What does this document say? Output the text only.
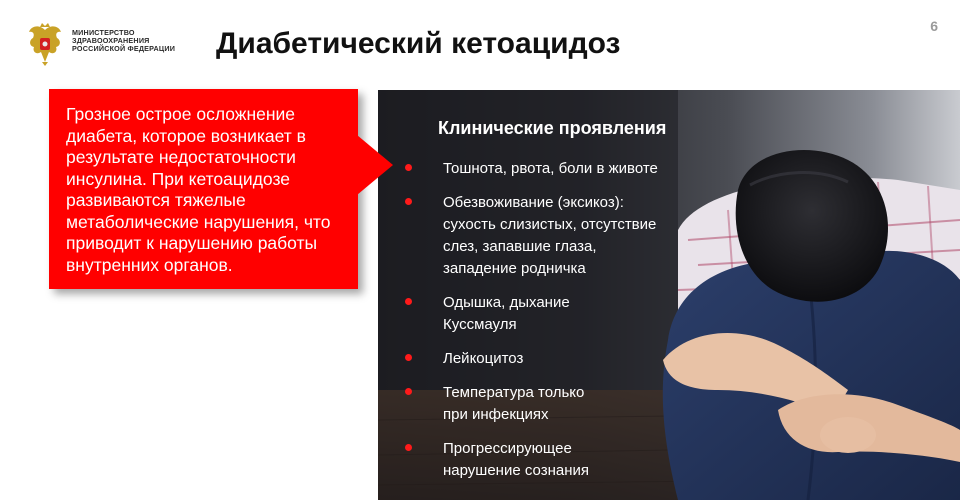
МИНИСТЕРСТВО
ЗДРАВООХРАНЕНИЯ
РОССИЙСКОЙ ФЕДЕРАЦИИ	Диабетический кетоацидоз
6
Грозное острое осложнение диабета, которое возникает в результате недостаточности инсулина. При кетоацидозе развиваются тяжелые метаболические нарушения, что приводит к нарушению работы внутренних органов.
Клинические проявления
Тошнота, рвота, боли в животе
Обезвоживание (эксикоз):
сухость слизистых, отсутствие
слез, запавшие глаза,
западение родничка
Одышка, дыхание
Куссмауля
Лейкоцитоз
Температура только
при инфекциях
Прогрессирующее
нарушение сознания
